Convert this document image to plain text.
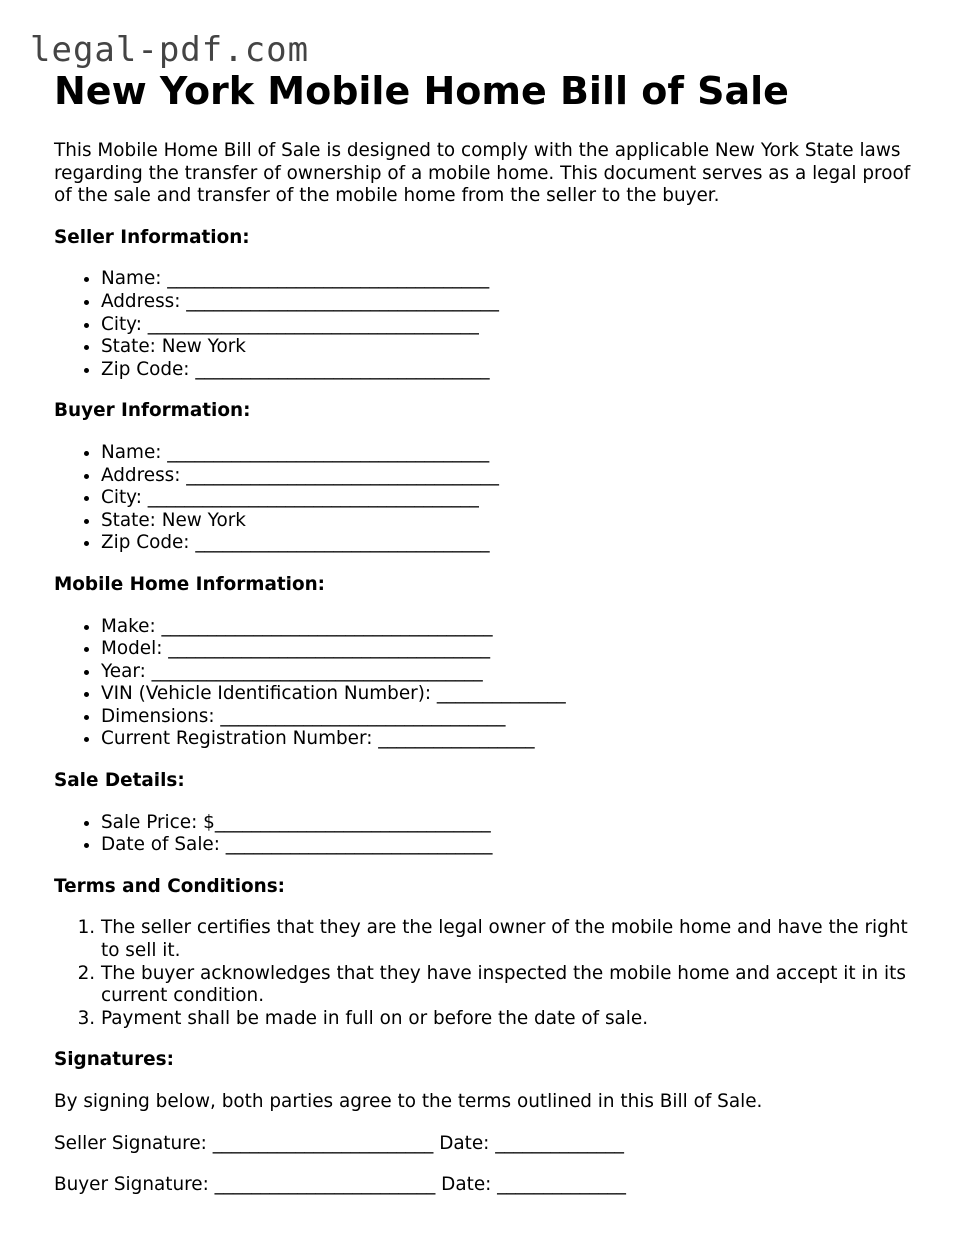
legal-pdf.com
New York Mobile Home Bill of Sale

This Mobile Home Bill of Sale is designed to comply with the applicable New York State laws regarding the transfer of ownership of a mobile home. This document serves as a legal proof of the sale and transfer of the mobile home from the seller to the buyer.

Seller Information:
• Name: ___________________________________
• Address: __________________________________
• City: ____________________________________
• State: New York
• Zip Code: ________________________________
Buyer Information:
• Name: ___________________________________
• Address: __________________________________
• City: ____________________________________
• State: New York
• Zip Code: ________________________________
Mobile Home Information:
• Make: ____________________________________
• Model: ___________________________________
• Year: ____________________________________
• VIN (Vehicle Identification Number): ______________
• Dimensions: _______________________________
• Current Registration Number: _________________
Sale Details:
• Sale Price: $______________________________
• Date of Sale: _____________________________
Terms and Conditions:
1. The seller certifies that they are the legal owner of the mobile home and have the right to sell it.
2. The buyer acknowledges that they have inspected the mobile home and accept it in its current condition.
3. Payment shall be made in full on or before the date of sale.
Signatures:

By signing below, both parties agree to the terms outlined in this Bill of Sale.

Seller Signature: ________________________ Date: ______________

Buyer Signature: ________________________ Date: ______________
